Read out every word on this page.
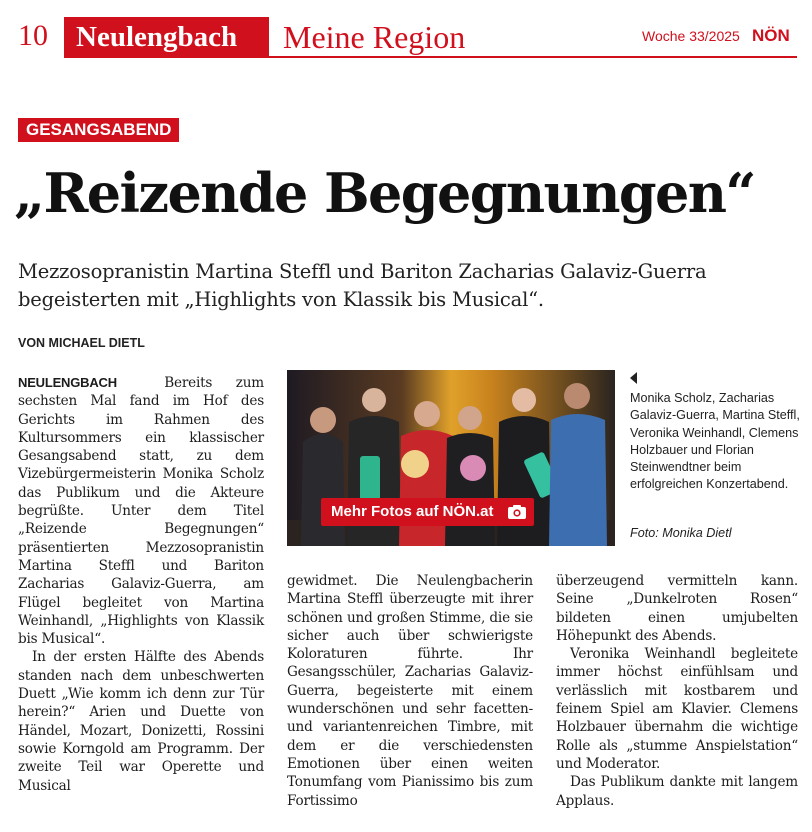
10 Neulengbach Meine Region	Woche 33/2025 NÖN
GESANGSABEND
„Reizende Begegnungen“
Mezzosopranistin Martina Steffl und Bariton Zacharias Galaviz-Guerra begeisterten mit „Highlights von Klassik bis Musical“.
VON MICHAEL DIETL

NEULENGBACH	Bereits zum sechsten Mal fand im Hof des Gerichts im Rahmen des Kultursommers ein klassischer Gesangsabend statt, zu dem Vizebürgermeisterin Monika Scholz das Publikum und die Akteure begrüßte. Unter dem Titel „Reizende Begegnungen“ präsentierten Mezzosopranistin Martina Steffl und Bariton Zacharias Galaviz-Guerra, am Flügel begleitet von Martina Weinhandl, „Highlights von Klassik bis Musical“.

In der ersten Hälfte des Abends standen nach dem unbeschwerten Duett „Wie komm ich denn zur Tür herein?“ Arien und Duette von Händel, Mozart, Donizetti, Rossini sowie Korngold am Programm. Der zweite Teil war Operette und Musical

Mehr Fotos auf NÖN.at
Monika Scholz, Zacharias Galaviz-Guerra, Martina Steffl, Veronika Weinhandl, Clemens Holzbauer und Florian Steinwendtner beim erfolgreichen Konzertabend.
Foto: Monika Dietl

gewidmet. Die Neulengbacherin Martina Steffl überzeugte mit ihrer schönen und großen Stimme, die sie sicher auch über schwierigste Koloraturen führte. Ihr Gesangsschüler, Zacharias Galaviz-Guerra, begeisterte mit einem wunderschönen und sehr facetten- und variantenreichen Timbre, mit dem er die verschiedensten Emotionen über einen weiten Tonumfang vom Pianissimo bis zum Fortissimo

überzeugend vermitteln kann. Seine „Dunkelroten Rosen“ bildeten einen umjubelten Höhepunkt des Abends.

Veronika Weinhandl begleitete immer höchst einfühlsam und verlässlich mit kostbarem und feinem Spiel am Klavier. Clemens Holzbauer übernahm die wichtige Rolle als „stumme Anspielstation“ und Moderator.

Das Publikum dankte mit langem Applaus.
